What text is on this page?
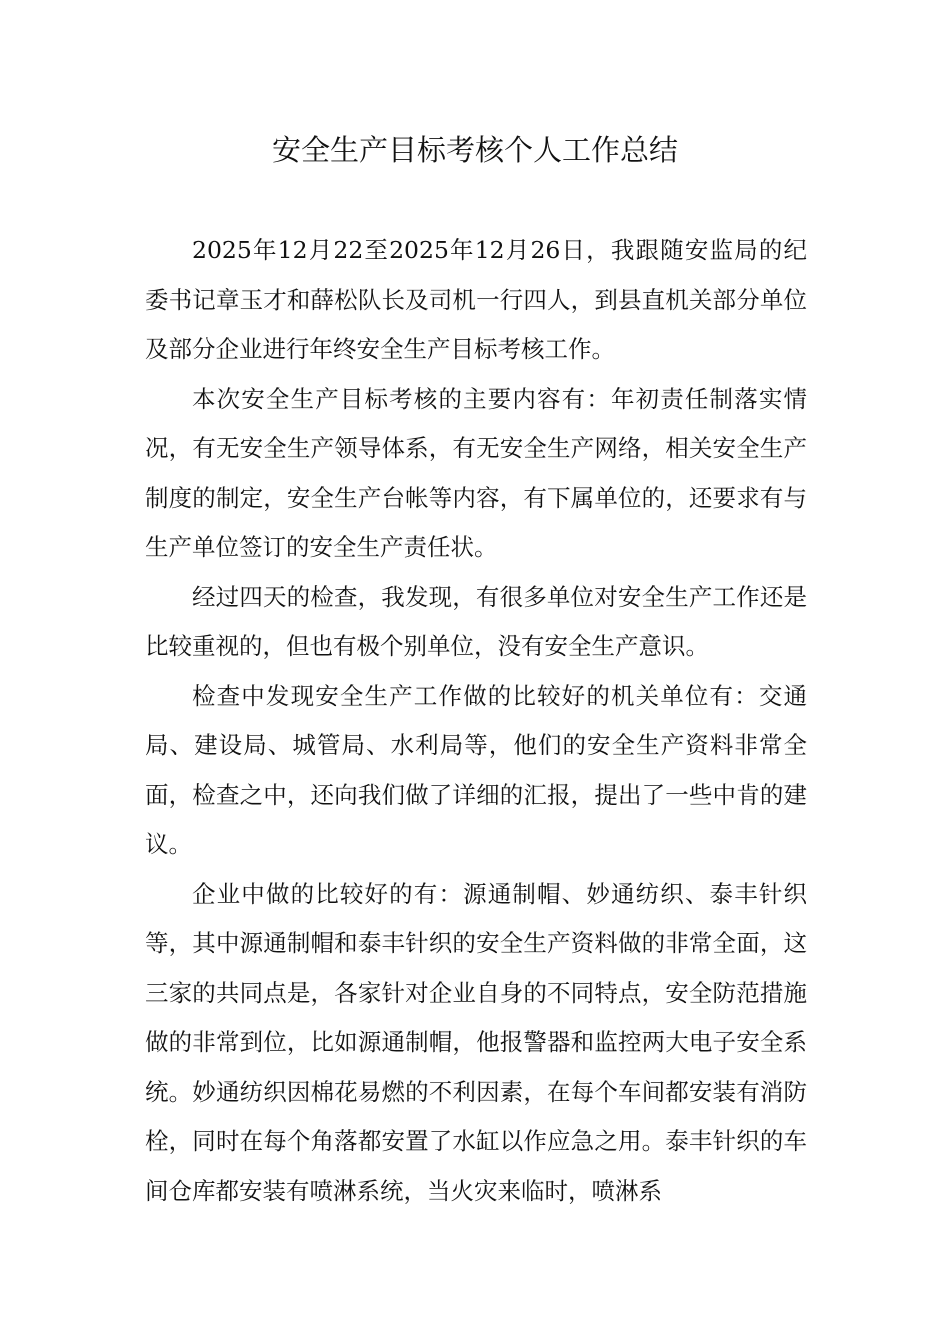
安全生产目标考核个人工作总结

2025年12月22至2025年12月26日，我跟随安监局的纪委书记章玉才和薛松队长及司机一行四人，到县直机关部分单位及部分企业进行年终安全生产目标考核工作。

本次安全生产目标考核的主要内容有：年初责任制落实情况，有无安全生产领导体系，有无安全生产网络，相关安全生产制度的制定，安全生产台帐等内容，有下属单位的，还要求有与生产单位签订的安全生产责任状。

经过四天的检查，我发现，有很多单位对安全生产工作还是比较重视的，但也有极个别单位，没有安全生产意识。

检查中发现安全生产工作做的比较好的机关单位有：交通局、建设局、城管局、水利局等，他们的安全生产资料非常全面，检查之中，还向我们做了详细的汇报，提出了一些中肯的建议。

企业中做的比较好的有：源通制帽、妙通纺织、泰丰针织等，其中源通制帽和泰丰针织的安全生产资料做的非常全面，这三家的共同点是，各家针对企业自身的不同特点，安全防范措施做的非常到位，比如源通制帽，他报警器和监控两大电子安全系统。妙通纺织因棉花易燃的不利因素，在每个车间都安装有消防栓，同时在每个角落都安置了水缸以作应急之用。泰丰针织的车间仓库都安装有喷淋系统，当火灾来临时，喷淋系
